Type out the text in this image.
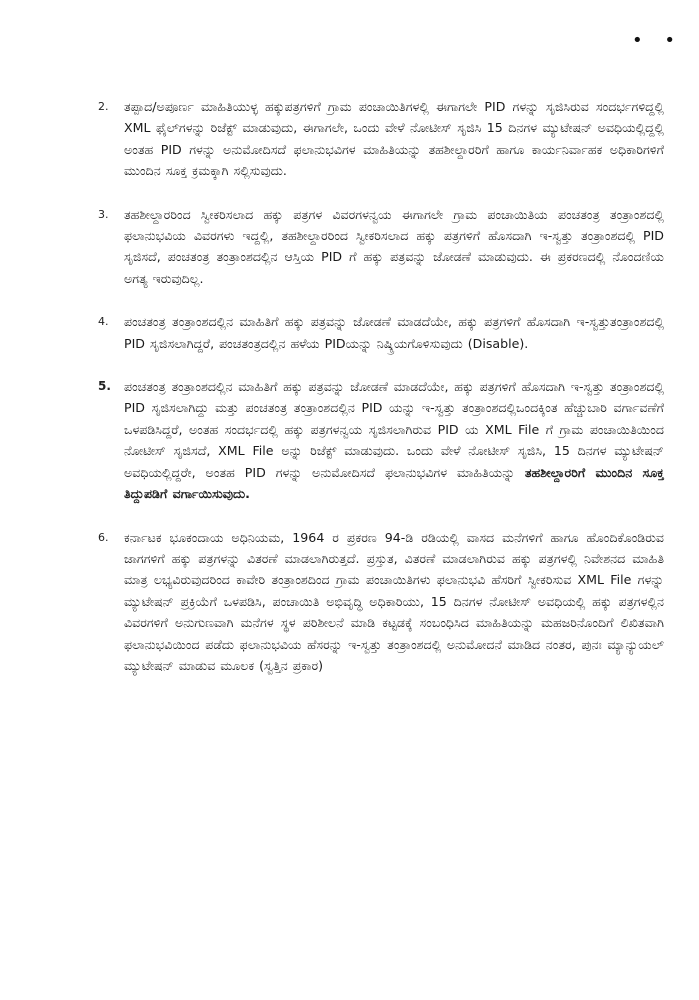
• •
2.	ತಪ್ಪಾದ/ಅಪೂರ್ಣ ಮಾಹಿತಿಯುಳ್ಳ ಹಕ್ಕುಪತ್ರಗಳಿಗೆ ಗ್ರಾಮ ಪಂಚಾಯಿತಿಗಳಲ್ಲಿ ಈಗಾಗಲೇ PID ಗಳನ್ನು ಸೃಜಿಸಿರುವ ಸಂದರ್ಭಗಳಿದ್ದಲ್ಲಿ XML ಫೈಲ್‌ಗಳನ್ನು ರಿಜೆಕ್ಟ್ ಮಾಡುವುದು, ಈಗಾಗಲೇ, ಒಂದು ವೇಳೆ ನೋಟೀಸ್ ಸೃಜಿಸಿ 15 ದಿನಗಳ ಮ್ಯುಟೇಷನ್ ಅವಧಿಯಲ್ಲಿದ್ದಲ್ಲಿ ಅಂತಹ PID ಗಳನ್ನು ಅನುಮೋದಿಸದೆ ಫಲಾನುಭವಿಗಳ ಮಾಹಿತಿಯನ್ನು ತಹಶೀಲ್ದಾರರಿಗೆ ಹಾಗೂ ಕಾರ್ಯನಿರ್ವಾಹಕ ಅಧಿಕಾರಿಗಳಿಗೆ ಮುಂದಿನ ಸೂಕ್ತ ಕ್ರಮಕ್ಕಾಗಿ ಸಲ್ಲಿಸುವುದು.
3.	ತಹಶೀಲ್ದಾರರಿಂದ ಸ್ವೀಕರಿಸಲಾದ ಹಕ್ಕು ಪತ್ರಗಳ ವಿವರಗಳನ್ವಯ ಈಗಾಗಲೇ ಗ್ರಾಮ ಪಂಚಾಯಿತಿಯ ಪಂಚತಂತ್ರ ತಂತ್ರಾಂಶದಲ್ಲಿ ಫಲಾನುಭವಿಯ ವಿವರಗಳು ಇದ್ದಲ್ಲಿ, ತಹಶೀಲ್ದಾರರಿಂದ ಸ್ವೀಕರಿಸಲಾದ ಹಕ್ಕು ಪತ್ರಗಳಿಗೆ ಹೊಸದಾಗಿ ಇ-ಸ್ವತ್ತು ತಂತ್ರಾಂಶದಲ್ಲಿ PID ಸೃಜಿಸದೆ, ಪಂಚತಂತ್ರ ತಂತ್ರಾಂಶದಲ್ಲಿನ ಆಸ್ತಿಯ PID ಗೆ ಹಕ್ಕು ಪತ್ರವನ್ನು ಜೋಡಣೆ ಮಾಡುವುದು. ಈ ಪ್ರಕರಣದಲ್ಲಿ ನೊಂದಣಿಯ ಅಗತ್ಯ ಇರುವುದಿಲ್ಲ.
4.	ಪಂಚತಂತ್ರ ತಂತ್ರಾಂಶದಲ್ಲಿನ ಮಾಹಿತಿಗೆ ಹಕ್ಕು ಪತ್ರವನ್ನು ಜೋಡಣೆ ಮಾಡದೆಯೇ, ಹಕ್ಕು ಪತ್ರಗಳಿಗೆ ಹೊಸದಾಗಿ ಇ-ಸ್ವತ್ತುತಂತ್ರಾಂಶದಲ್ಲಿ PID ಸೃಜಿಸಲಾಗಿದ್ದರೆ, ಪಂಚತಂತ್ರದಲ್ಲಿನ ಹಳೆಯ PIDಯನ್ನು ನಿಷ್ಕ್ರಿಯಗೊಳಿಸುವುದು (Disable).
5.	ಪಂಚತಂತ್ರ ತಂತ್ರಾಂಶದಲ್ಲಿನ ಮಾಹಿತಿಗೆ ಹಕ್ಕು ಪತ್ರವನ್ನು ಜೋಡಣೆ ಮಾಡದೆಯೇ, ಹಕ್ಕು ಪತ್ರಗಳಿಗೆ ಹೊಸದಾಗಿ ಇ-ಸ್ವತ್ತು ತಂತ್ರಾಂಶದಲ್ಲಿ PID ಸೃಜಿಸಲಾಗಿದ್ದು ಮತ್ತು ಪಂಚತಂತ್ರ ತಂತ್ರಾಂಶದಲ್ಲಿನ PID ಯನ್ನು ಇ-ಸ್ವತ್ತು ತಂತ್ರಾಂಶದಲ್ಲಿಒಂದಕ್ಕಿಂತ ಹೆಚ್ಚುಬಾರಿ ವರ್ಗಾವಣೆಗೆ ಒಳಪಡಿಸಿದ್ದರೆ, ಅಂತಹ ಸಂದರ್ಭದಲ್ಲಿ ಹಕ್ಕು ಪತ್ರಗಳನ್ವಯ ಸೃಜಿಸಲಾಗಿರುವ PID ಯ XML File ಗೆ ಗ್ರಾಮ ಪಂಚಾಯಿತಿಯಿಂದ ನೋಟೀಸ್ ಸೃಜಿಸದೆ, XML File ಅನ್ನು ರಿಜೆಕ್ಟ್ ಮಾಡುವುದು. ಒಂದು ವೇಳೆ ನೋಟೀಸ್ ಸೃಜಿಸಿ, 15 ದಿನಗಳ ಮ್ಯುಟೇಷನ್ ಅವಧಿಯಲ್ಲಿದ್ದರೇ, ಅಂತಹ PID ಗಳನ್ನು ಅನುಮೋದಿಸದೆ ಫಲಾನುಭವಿಗಳ ಮಾಹಿತಿಯನ್ನು ತಹಶೀಲ್ದಾರರಿಗೆ ಮುಂದಿನ ಸೂಕ್ತ ತಿದ್ದುಪಡಿಗೆ ವರ್ಗಾಯಿಸುವುದು.
6.	ಕರ್ನಾಟಕ ಭೂಕಂದಾಯ ಅಧಿನಿಯಮ, 1964 ರ ಪ್ರಕರಣ 94-ಡಿ ರಡಿಯಲ್ಲಿ ವಾಸದ ಮನೆಗಳಿಗೆ ಹಾಗೂ ಹೊಂದಿಕೊಂಡಿರುವ ಜಾಗಗಳಿಗೆ ಹಕ್ಕು ಪತ್ರಗಳನ್ನು ವಿತರಣೆ ಮಾಡಲಾಗಿರುತ್ತದೆ. ಪ್ರಸ್ತುತ, ವಿತರಣೆ ಮಾಡಲಾಗಿರುವ ಹಕ್ಕು ಪತ್ರಗಳಲ್ಲಿ ನಿವೇಶನದ ಮಾಹಿತಿ ಮಾತ್ರ ಲಭ್ಯವಿರುವುದರಿಂದ ಕಾವೇರಿ ತಂತ್ರಾಂಶದಿಂದ ಗ್ರಾಮ ಪಂಚಾಯಿತಿಗಳು ಫಲಾನುಭವಿ ಹೆಸರಿಗೆ ಸ್ವೀಕರಿಸುವ XML File ಗಳನ್ನು ಮ್ಯುಟೇಷನ್ ಪ್ರಕ್ರಿಯೆಗೆ ಒಳಪಡಿಸಿ, ಪಂಚಾಯಿತಿ ಅಭಿವೃದ್ಧಿ ಅಧಿಕಾರಿಯು, 15 ದಿನಗಳ ನೋಟೀಸ್ ಅವಧಿಯಲ್ಲಿ ಹಕ್ಕು ಪತ್ರಗಳಲ್ಲಿನ ವಿವರಗಳಿಗೆ ಅನುಗುಣವಾಗಿ ಮನೆಗಳ ಸ್ಥಳ ಪರಿಶೀಲನೆ ಮಾಡಿ ಕಟ್ಟಡಕ್ಕೆ ಸಂಬಂಧಿಸಿದ ಮಾಹಿತಿಯನ್ನು ಮಹಜರಿನೊಂದಿಗೆ ಲಿಖಿತವಾಗಿ ಫಲಾನುಭವಿಯಿಂದ ಪಡೆದು ಫಲಾನುಭವಿಯ ಹೆಸರನ್ನು ಇ-ಸ್ವತ್ತು ತಂತ್ರಾಂಶದಲ್ಲಿ ಅನುಮೋದನೆ ಮಾಡಿದ ನಂತರ, ಪುನಃ ಮ್ಯಾನ್ಯುಯಲ್ ಮ್ಯುಟೇಷನ್ ಮಾಡುವ ಮೂಲಕ (ಸ್ವತ್ತಿನ ಪ್ರಕಾರ)
